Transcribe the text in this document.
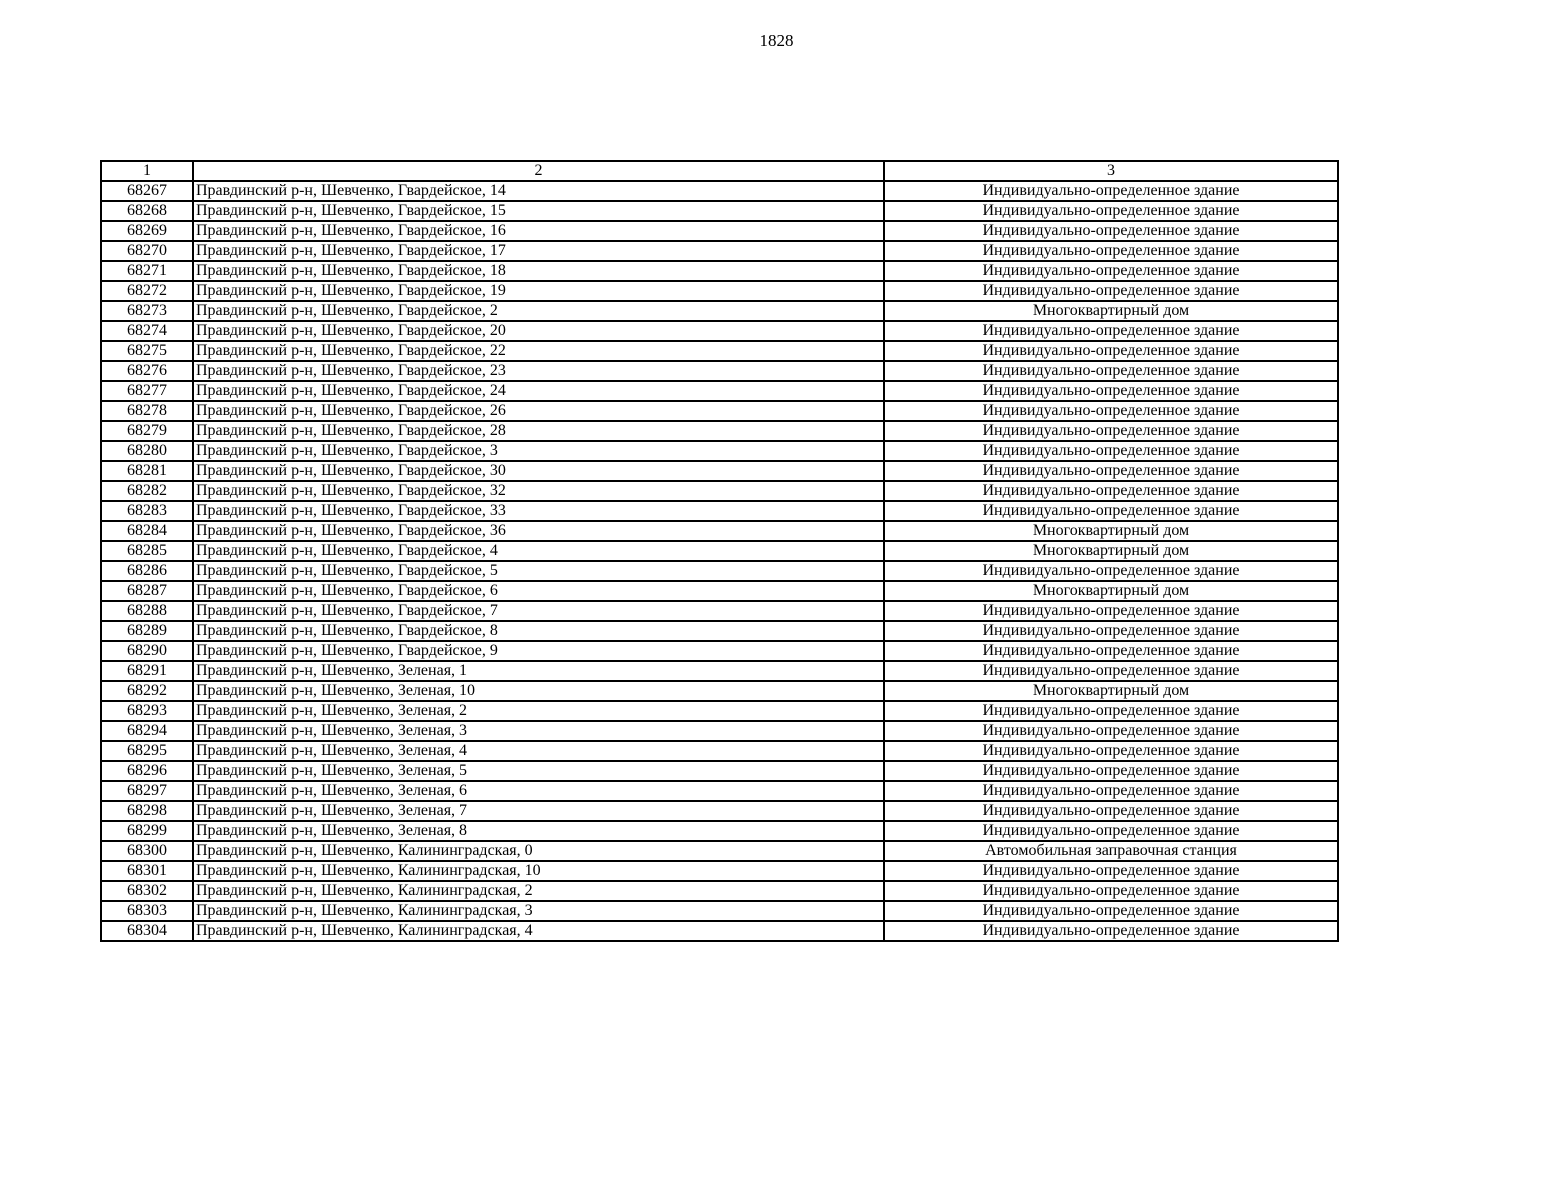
1828
1	2	3
68267	Правдинский р-н, Шевченко, Гвардейское, 14	Индивидуально-определенное здание
68268	Правдинский р-н, Шевченко, Гвардейское, 15	Индивидуально-определенное здание
68269	Правдинский р-н, Шевченко, Гвардейское, 16	Индивидуально-определенное здание
68270	Правдинский р-н, Шевченко, Гвардейское, 17	Индивидуально-определенное здание
68271	Правдинский р-н, Шевченко, Гвардейское, 18	Индивидуально-определенное здание
68272	Правдинский р-н, Шевченко, Гвардейское, 19	Индивидуально-определенное здание
68273	Правдинский р-н, Шевченко, Гвардейское, 2	Многоквартирный дом
68274	Правдинский р-н, Шевченко, Гвардейское, 20	Индивидуально-определенное здание
68275	Правдинский р-н, Шевченко, Гвардейское, 22	Индивидуально-определенное здание
68276	Правдинский р-н, Шевченко, Гвардейское, 23	Индивидуально-определенное здание
68277	Правдинский р-н, Шевченко, Гвардейское, 24	Индивидуально-определенное здание
68278	Правдинский р-н, Шевченко, Гвардейское, 26	Индивидуально-определенное здание
68279	Правдинский р-н, Шевченко, Гвардейское, 28	Индивидуально-определенное здание
68280	Правдинский р-н, Шевченко, Гвардейское, 3	Индивидуально-определенное здание
68281	Правдинский р-н, Шевченко, Гвардейское, 30	Индивидуально-определенное здание
68282	Правдинский р-н, Шевченко, Гвардейское, 32	Индивидуально-определенное здание
68283	Правдинский р-н, Шевченко, Гвардейское, 33	Индивидуально-определенное здание
68284	Правдинский р-н, Шевченко, Гвардейское, 36	Многоквартирный дом
68285	Правдинский р-н, Шевченко, Гвардейское, 4	Многоквартирный дом
68286	Правдинский р-н, Шевченко, Гвардейское, 5	Индивидуально-определенное здание
68287	Правдинский р-н, Шевченко, Гвардейское, 6	Многоквартирный дом
68288	Правдинский р-н, Шевченко, Гвардейское, 7	Индивидуально-определенное здание
68289	Правдинский р-н, Шевченко, Гвардейское, 8	Индивидуально-определенное здание
68290	Правдинский р-н, Шевченко, Гвардейское, 9	Индивидуально-определенное здание
68291	Правдинский р-н, Шевченко, Зеленая, 1	Индивидуально-определенное здание
68292	Правдинский р-н, Шевченко, Зеленая, 10	Многоквартирный дом
68293	Правдинский р-н, Шевченко, Зеленая, 2	Индивидуально-определенное здание
68294	Правдинский р-н, Шевченко, Зеленая, 3	Индивидуально-определенное здание
68295	Правдинский р-н, Шевченко, Зеленая, 4	Индивидуально-определенное здание
68296	Правдинский р-н, Шевченко, Зеленая, 5	Индивидуально-определенное здание
68297	Правдинский р-н, Шевченко, Зеленая, 6	Индивидуально-определенное здание
68298	Правдинский р-н, Шевченко, Зеленая, 7	Индивидуально-определенное здание
68299	Правдинский р-н, Шевченко, Зеленая, 8	Индивидуально-определенное здание
68300	Правдинский р-н, Шевченко, Калининградская, 0	Автомобильная заправочная станция
68301	Правдинский р-н, Шевченко, Калининградская, 10	Индивидуально-определенное здание
68302	Правдинский р-н, Шевченко, Калининградская, 2	Индивидуально-определенное здание
68303	Правдинский р-н, Шевченко, Калининградская, 3	Индивидуально-определенное здание
68304	Правдинский р-н, Шевченко, Калининградская, 4	Индивидуально-определенное здание
